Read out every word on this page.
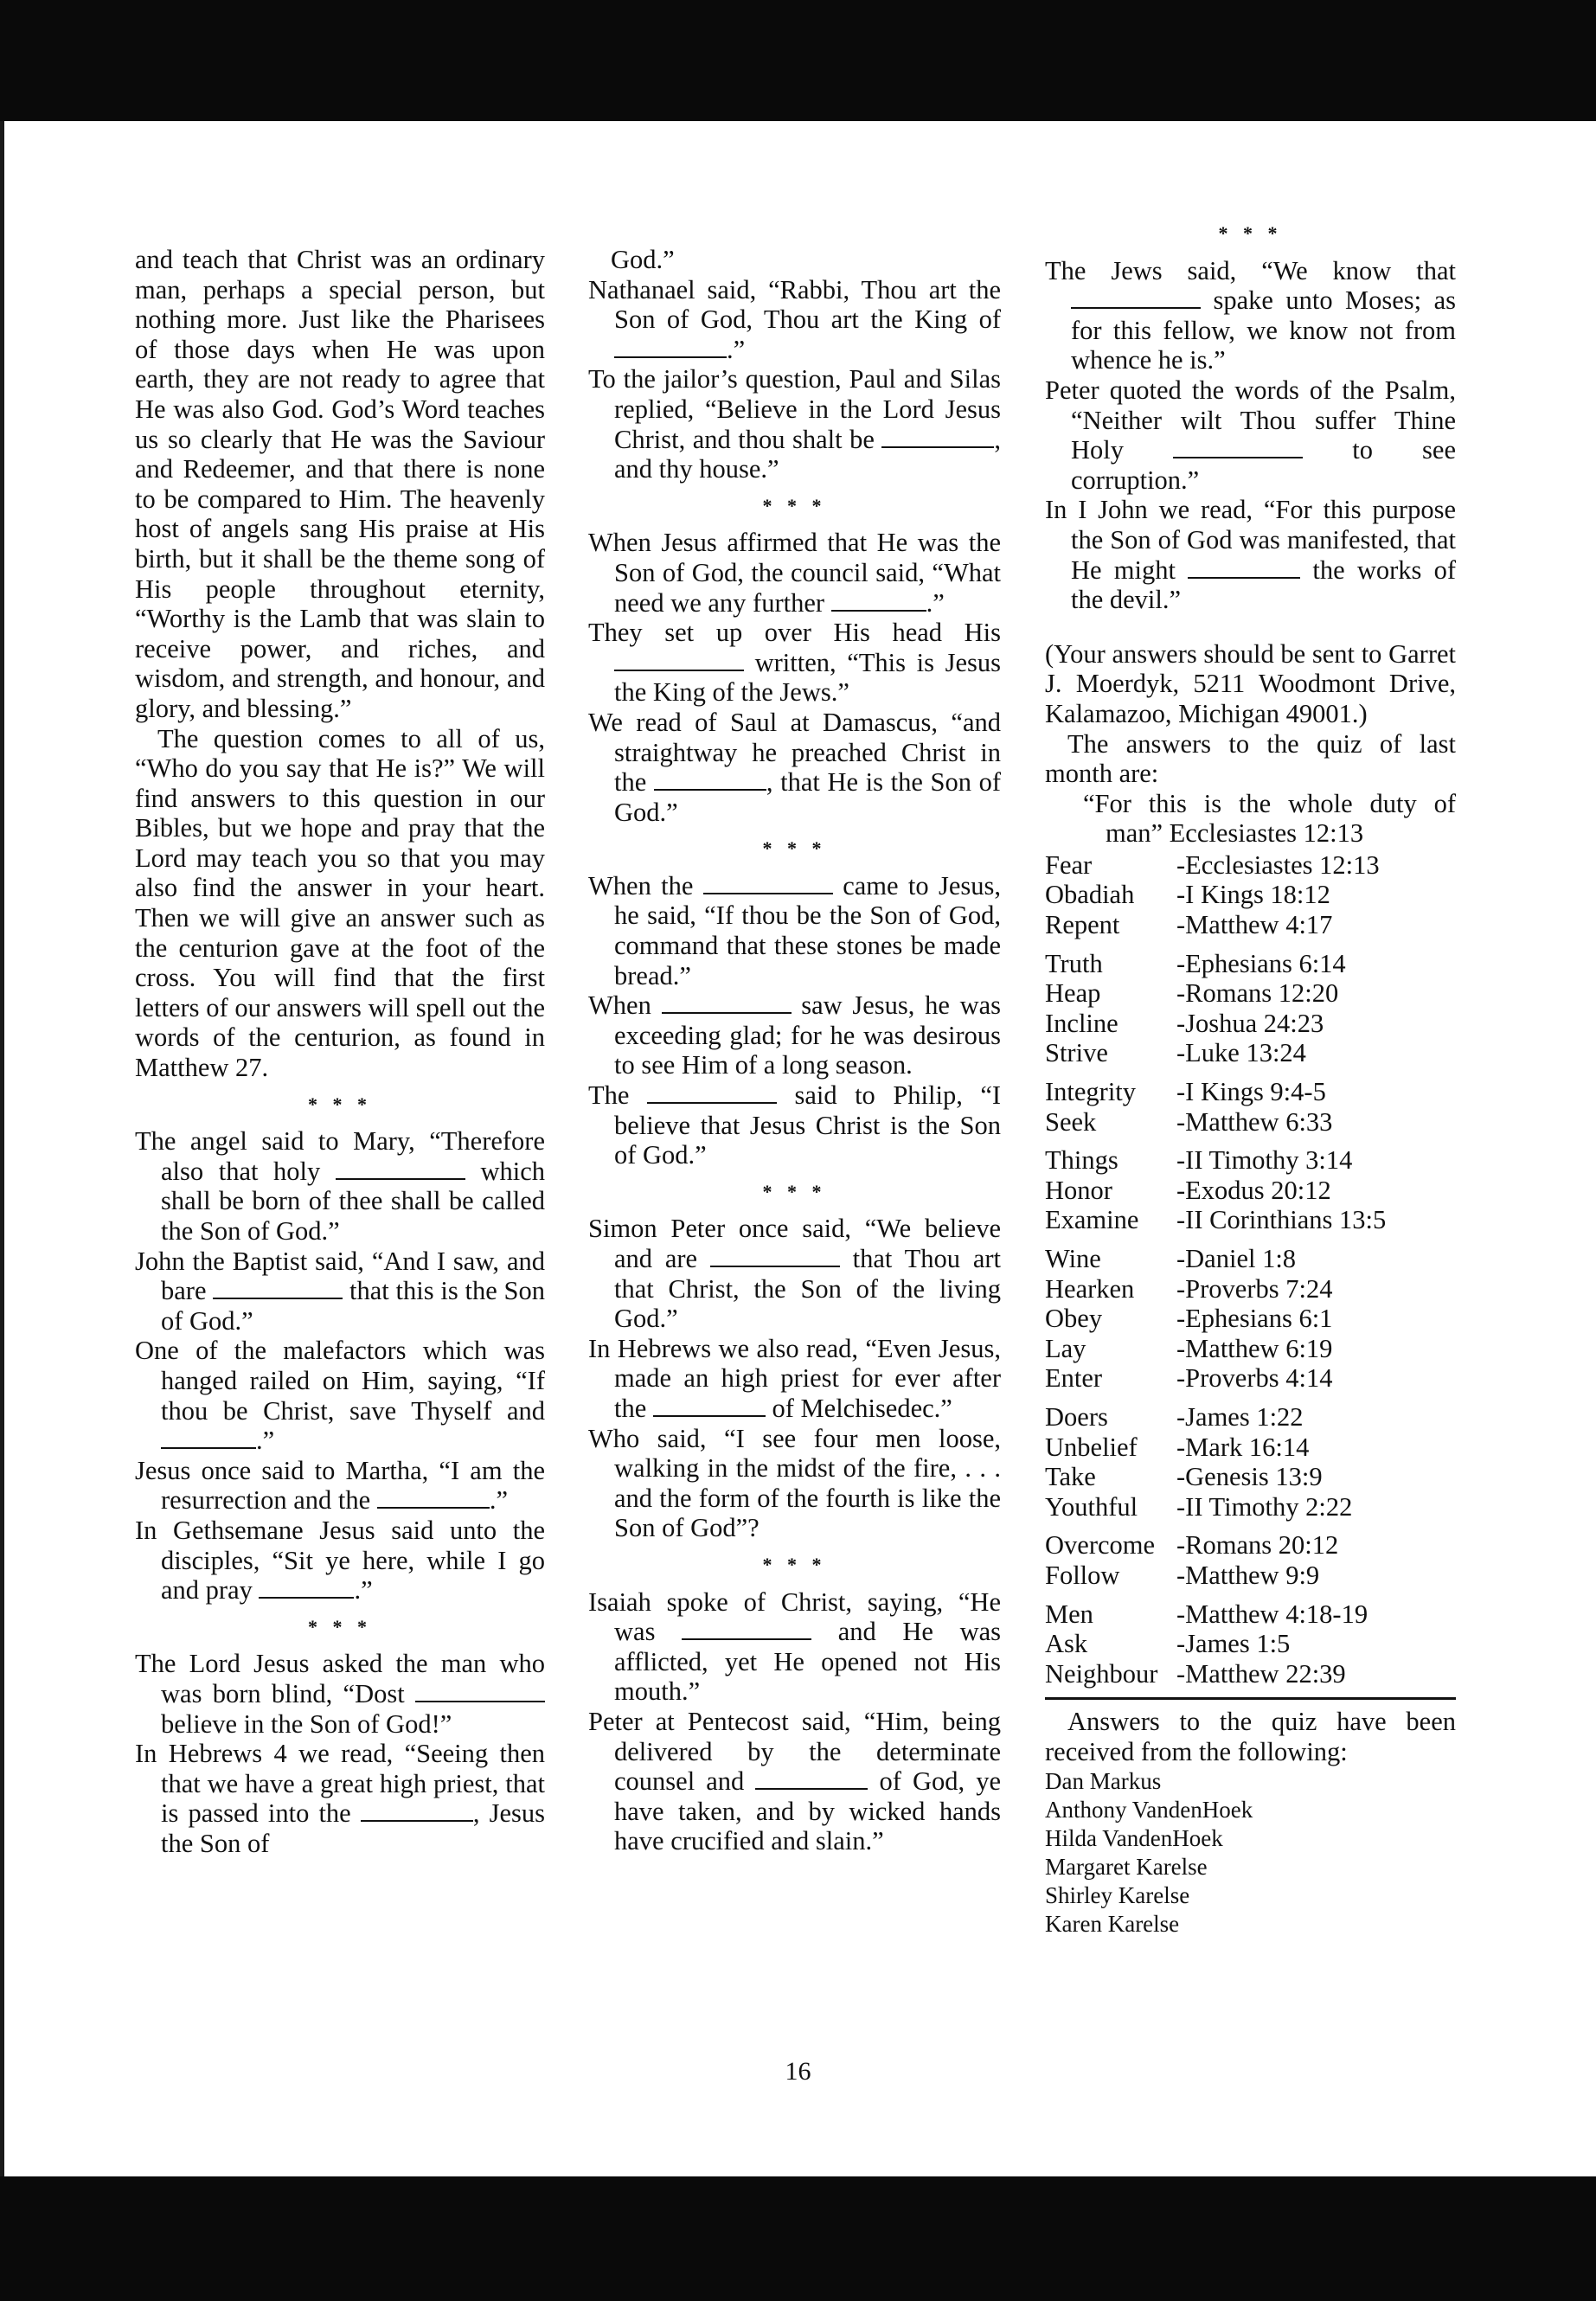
and teach that Christ was an ordinary man, perhaps a special person, but nothing more. Just like the Pharisees of those days when He was upon earth, they are not ready to agree that He was also God. God’s Word teaches us so clearly that He was the Saviour and Redeemer, and that there is none to be compared to Him. The heavenly host of angels sang His praise at His birth, but it shall be the theme song of His people throughout eternity, “Worthy is the Lamb that was slain to receive power, and riches, and wisdom, and strength, and honour, and glory, and blessing.”

The question comes to all of us, “Who do you say that He is?” We will find answers to this question in our Bibles, but we hope and pray that the Lord may teach you so that you may also find the answer in your heart. Then we will give an answer such as the centurion gave at the foot of the cross. You will find that the first letters of our answers will spell out the words of the centurion, as found in Matthew 27.

* * *

The angel said to Mary, “Therefore also that holy	which shall be born of thee shall be called the Son of God.”

John the Baptist said, “And I saw, and bare	that this is the Son of God.”

One of the malefactors which was hanged railed on Him, saying, “If thou be Christ, save Thyself and .”

Jesus once said to Martha, “I am the resurrection and the	.”

In Gethsemane Jesus said unto the disciples, “Sit ye here, while I go and pray	.”

* * *

The Lord Jesus asked the man who was born blind, “Dost  believe in the Son of God!”

In Hebrews 4 we read, “Seeing then that we have a great high priest, that is passed into the	, Jesus the Son of

God.”

Nathanael said, “Rabbi, Thou art the Son of God, Thou art the King of .”

To the jailor’s question, Paul and Silas replied, “Believe in the Lord Jesus Christ, and thou shalt be	, and thy house.”

* * *

When Jesus affirmed that He was the Son of God, the council said, “What need we any further	.”

They set up over His head His  written, “This is Jesus the King of the Jews.”

We read of Saul at Damascus, “and straightway he preached Christ in the	, that He is the Son of God.”

* * *

When the	came to Jesus, he said, “If thou be the Son of God, command that these stones be made bread.”

When	saw Jesus, he was exceeding glad; for he was desirous to see Him of a long season.

The	said to Philip, “I believe that Jesus Christ is the Son of God.”

* * *

Simon Peter once said, “We believe and are	that Thou art that Christ, the Son of the living God.”

In Hebrews we also read, “Even Jesus, made an high priest for ever after the	of Melchisedec.”

Who said, “I see four men loose, walking in the midst of the fire, . . . and the form of the fourth is like the Son of God”?

* * *

Isaiah spoke of Christ, saying, “He was	and He was afflicted, yet He opened not His mouth.”

Peter at Pentecost said, “Him, being delivered by the determinate counsel and	of God, ye have taken, and by wicked hands have crucified and slain.”

* * *

The Jews said, “We know that  spake unto Moses; as for this fellow, we know not from whence he is.”

Peter quoted the words of the Psalm, “Neither wilt Thou suffer Thine Holy	to see corruption.”

In I John we read, “For this purpose the Son of God was manifested, that He might	the works of the devil.”

(Your answers should be sent to Garret J. Moerdyk, 5211 Woodmont Drive, Kalamazoo, Michigan 49001.)

The answers to the quiz of last month are:

“For this is the whole duty of man” Ecclesiastes 12:13

Fear	-Ecclesiastes 12:13
Obadiah	-I Kings 18:12
Repent	-Matthew 4:17
Truth	-Ephesians 6:14
Heap	-Romans 12:20
Incline	-Joshua 24:23
Strive	-Luke 13:24
Integrity	-I Kings 9:4-5
Seek	-Matthew 6:33
Things	-II Timothy 3:14
Honor	-Exodus 20:12
Examine	-II Corinthians 13:5
Wine	-Daniel 1:8
Hearken	-Proverbs 7:24
Obey	-Ephesians 6:1
Lay	-Matthew 6:19
Enter	-Proverbs 4:14
Doers	-James 1:22
Unbelief	-Mark 16:14
Take	-Genesis 13:9
Youthful	-II Timothy 2:22
Overcome -Romans 20:12
Follow	-Matthew 9:9
Men	-Matthew 4:18-19
Ask	-James 1:5
Neighbour -Matthew 22:39

Answers to the quiz have been received from the following:

Dan Markus
Anthony VandenHoek
Hilda VandenHoek
Margaret Karelse
Shirley Karelse
Karen Karelse
16
